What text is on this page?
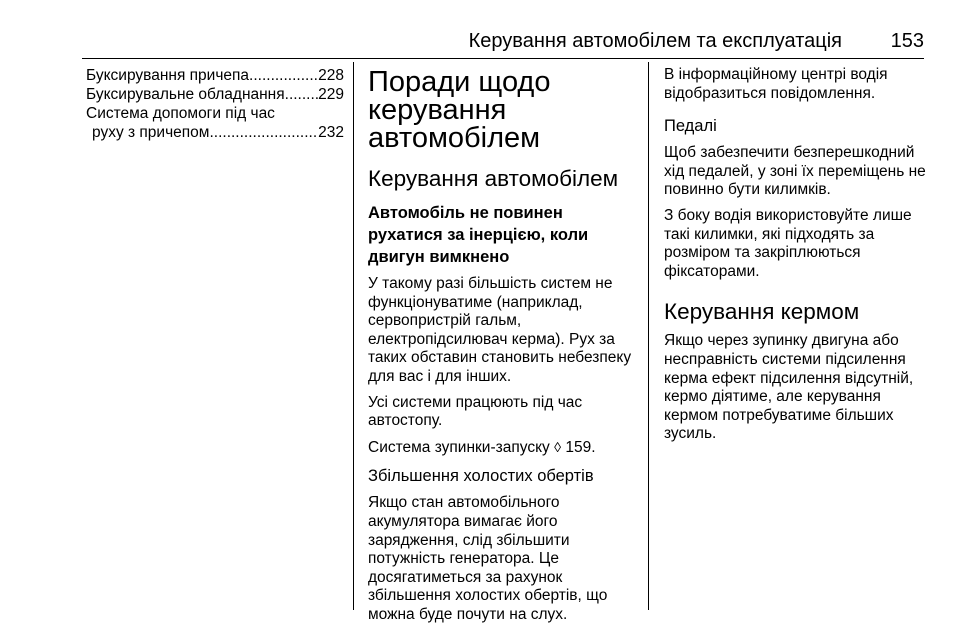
Керування автомобілем та експлуатація 153
Буксирування причепа .....	228
Буксирувальне обладнання ..... 229
Система допомоги під час
руху з причепом .....	232
Поради щодо керування автомобілем
Керування автомобілем
Автомобіль не повинен рухатися за інерцією, коли двигун вимкнено

У такому разі більшість систем не функціонуватиме (наприклад, сервопристрій гальм, електропідсилювач керма). Рух за таких обставин становить небезпеку для вас і для інших.

Усі системи працюють під час автостопу.

Система зупинки-запуску ◊ 159.

Збільшення холостих обертів

Якщо стан автомобільного акумулятора вимагає його зарядження, слід збільшити потужність генератора. Це досягатиметься за рахунок збільшення холостих обертів, що можна буде почути на слух.

В інформаційному центрі водія відобразиться повідомлення.

Педалі

Щоб забезпечити безперешкодний хід педалей, у зоні їх переміщень не повинно бути килимків.

З боку водія використовуйте лише такі килимки, які підходять за розміром та закріплюються фіксаторами.

Керування кермом

Якщо через зупинку двигуна або несправність системи підсилення керма ефект підсилення відсутній, кермо діятиме, але керування кермом потребуватиме більших зусиль.
